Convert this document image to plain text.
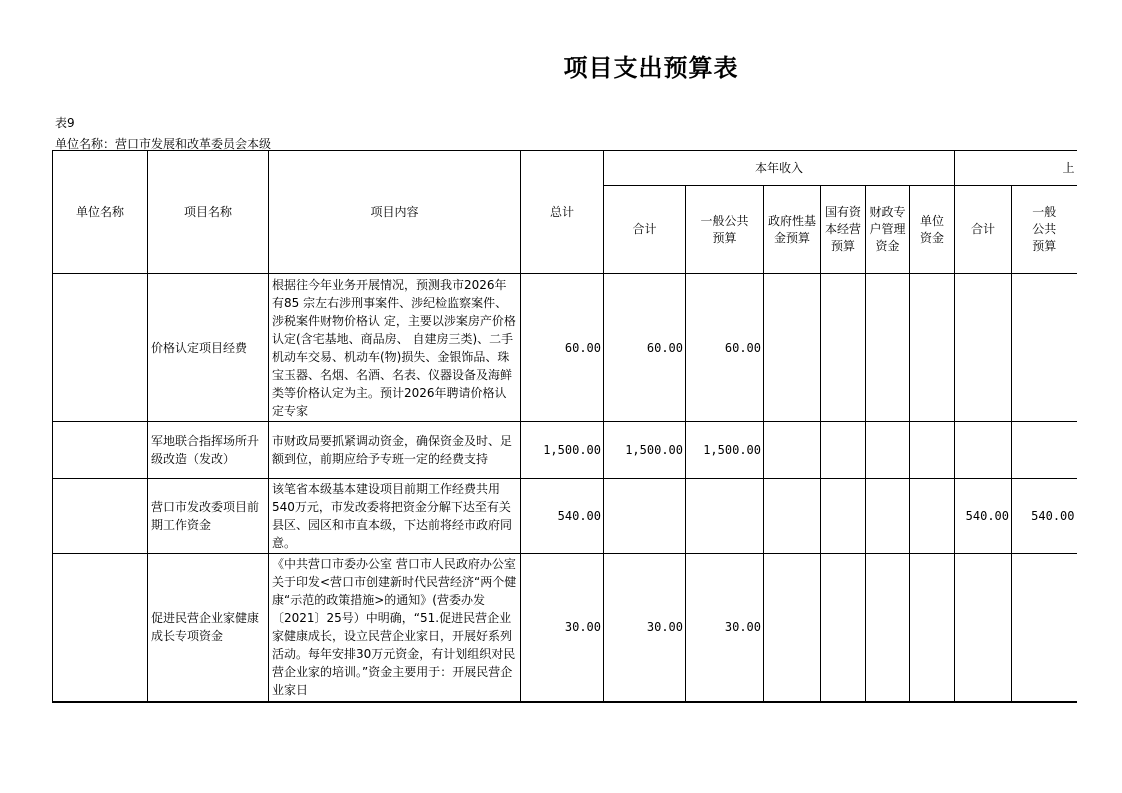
项目支出预算表
表9
单位名称：营口市发展和改革委员会本级
单位名称	项目名称	项目内容	总计	本年收入						上	
				合计	一般公共预算	政府性基金预算	国有资本经营预算	财政专户管理资金	单位资金	合计	一般公共预算
	价格认定项目经费	根据往今年业务开展情况，预测我市2026年有85 宗左右涉刑事案件、涉纪检监察案件、涉税案件财物价格认 定，主要以涉案房产价格认定(含宅基地、商品房、 自建房三类)、二手机动车交易、机动车(物)损失、金银饰品、珠宝玉器、名烟、名酒、名表、仪器设备及海鲜类等价格认定为主。预计2026年聘请价格认定专家	60.00	60.00	60.00						
	军地联合指挥场所升级改造（发改）	市财政局要抓紧调动资金，确保资金及时、足额到位，前期应给予专班一定的经费支持	1,500.00	1,500.00	1,500.00						
	营口市发改委项目前期工作资金	该笔省本级基本建设项目前期工作经费共用540万元，市发改委将把资金分解下达至有关县区、园区和市直本级，下达前将经市政府同意。	540.00							540.00	540.00
	促进民营企业家健康成长专项资金	《中共营口市委办公室 营口市人民政府办公室关于印发<营口市创建新时代民营经济“两个健康“示范的政策措施>的通知》(营委办发〔2021〕25号）中明确，“51.促进民营企业家健康成长，设立民营企业家日，开展好系列活动。每年安排30万元资金，有计划组织对民营企业家的培训。”资金主要用于：开展民营企业家日	30.00	30.00	30.00						
